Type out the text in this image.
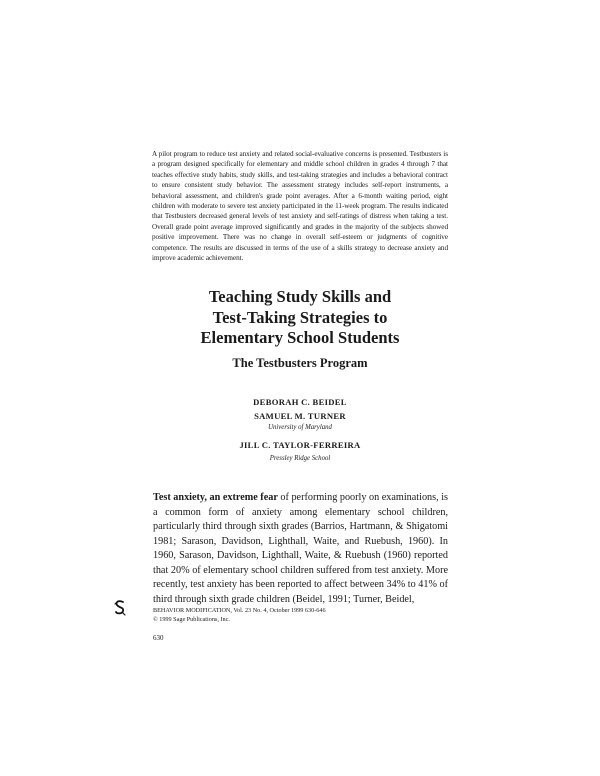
A pilot program to reduce test anxiety and related social-evaluative concerns is presented. Testbusters is a program designed specifically for elementary and middle school children in grades 4 through 7 that teaches effective study habits, study skills, and test-taking strategies and includes a behavioral contract to ensure consistent study behavior. The assessment strategy includes self-report instruments, a behavioral assessment, and children's grade point averages. After a 6-month waiting period, eight children with moderate to severe test anxiety participated in the 11-week program. The results indicated that Testbusters decreased general levels of test anxiety and self-ratings of distress when taking a test. Overall grade point average improved significantly and grades in the majority of the subjects showed positive improvement. There was no change in overall self-esteem or judgments of cognitive competence. The results are discussed in terms of the use of a skills strategy to decrease anxiety and improve academic achievement.
Teaching Study Skills and
Test-Taking Strategies to
Elementary School Students
The Testbusters Program
DEBORAH C. BEIDEL
SAMUEL M. TURNER
University of Maryland
JILL C. TAYLOR-FERREIRA
Pressley Ridge School
Test anxiety, an extreme fear of performing poorly on examinations, is a common form of anxiety among elementary school children, particularly third through sixth grades (Barrios, Hartmann, & Shigatomi 1981; Sarason, Davidson, Lighthall, Waite, and Ruebush, 1960). In 1960, Sarason, Davidson, Lighthall, Waite, & Ruebush (1960) reported that 20% of elementary school children suffered from test anxiety. More recently, test anxiety has been reported to affect between 34% to 41% of third through sixth grade children (Beidel, 1991; Turner, Beidel,
BEHAVIOR MODIFICATION, Vol. 23 No. 4, October 1999 630-646
© 1999 Sage Publications, Inc.
630
